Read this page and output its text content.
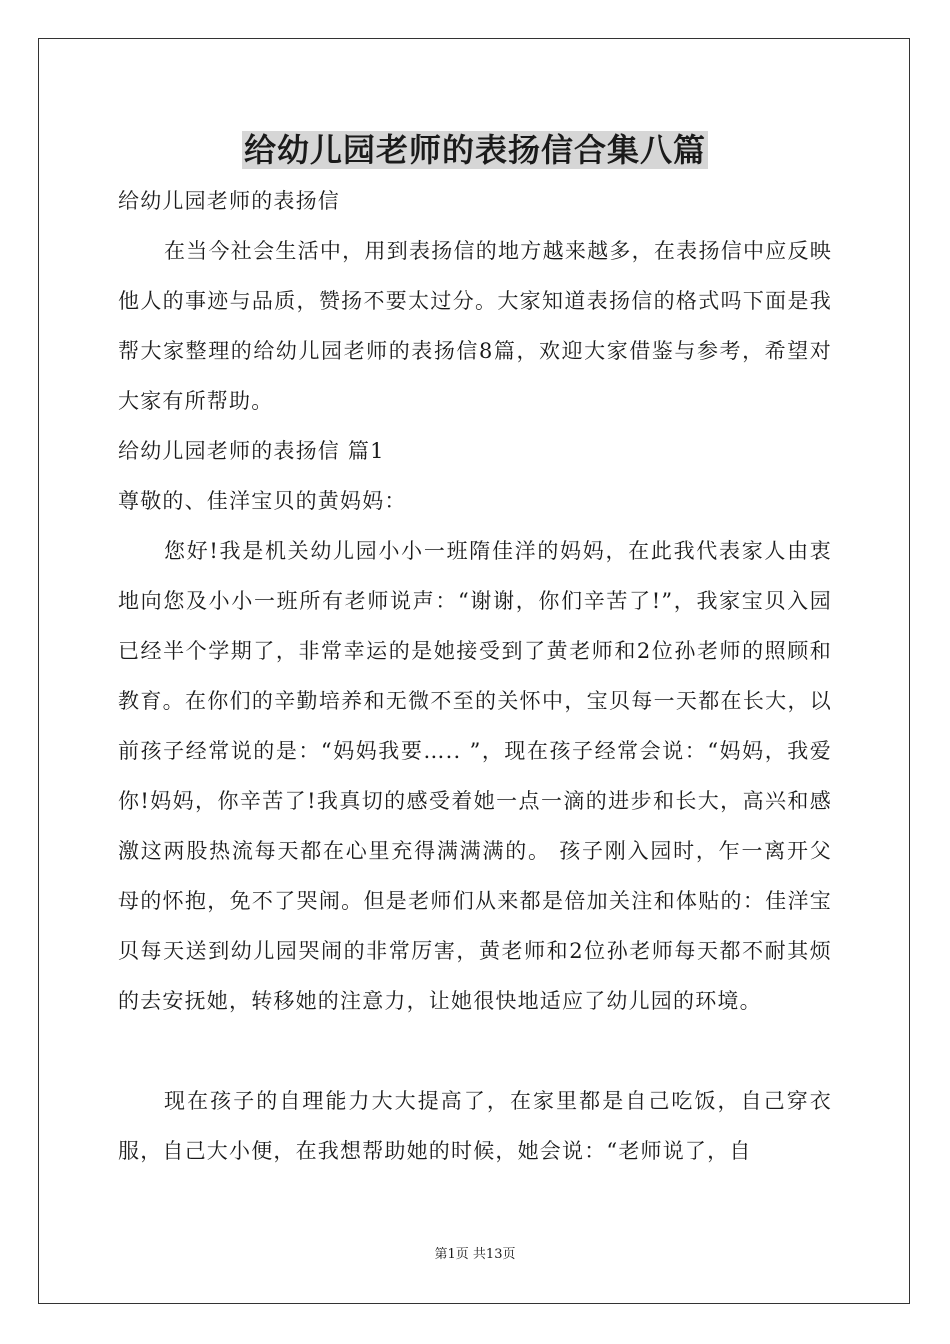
给幼儿园老师的表扬信合集八篇

给幼儿园老师的表扬信

在当今社会生活中，用到表扬信的地方越来越多，在表扬信中应反映他人的事迹与品质，赞扬不要太过分。大家知道表扬信的格式吗下面是我帮大家整理的给幼儿园老师的表扬信8篇，欢迎大家借鉴与参考，希望对大家有所帮助。

给幼儿园老师的表扬信 篇1

尊敬的、佳洋宝贝的黄妈妈：

您好!我是机关幼儿园小小一班隋佳洋的妈妈，在此我代表家人由衷地向您及小小一班所有老师说声：“谢谢，你们辛苦了!”，我家宝贝入园已经半个学期了，非常幸运的是她接受到了黄老师和2位孙老师的照顾和教育。在你们的辛勤培养和无微不至的关怀中，宝贝每一天都在长大，以前孩子经常说的是：“妈妈我要….. ”，现在孩子经常会说：“妈妈，我爱你!妈妈，你辛苦了!我真切的感受着她一点一滴的进步和长大，高兴和感激这两股热流每天都在心里充得满满满的。 孩子刚入园时，乍一离开父母的怀抱，免不了哭闹。但是老师们从来都是倍加关注和体贴的：佳洋宝贝每天送到幼儿园哭闹的非常厉害，黄老师和2位孙老师每天都不耐其烦的去安抚她，转移她的注意力，让她很快地适应了幼儿园的环境。

现在孩子的自理能力大大提高了，在家里都是自己吃饭，自己穿衣服，自己大小便，在我想帮助她的时候，她会说：“老师说了，自

第1页 共13页
